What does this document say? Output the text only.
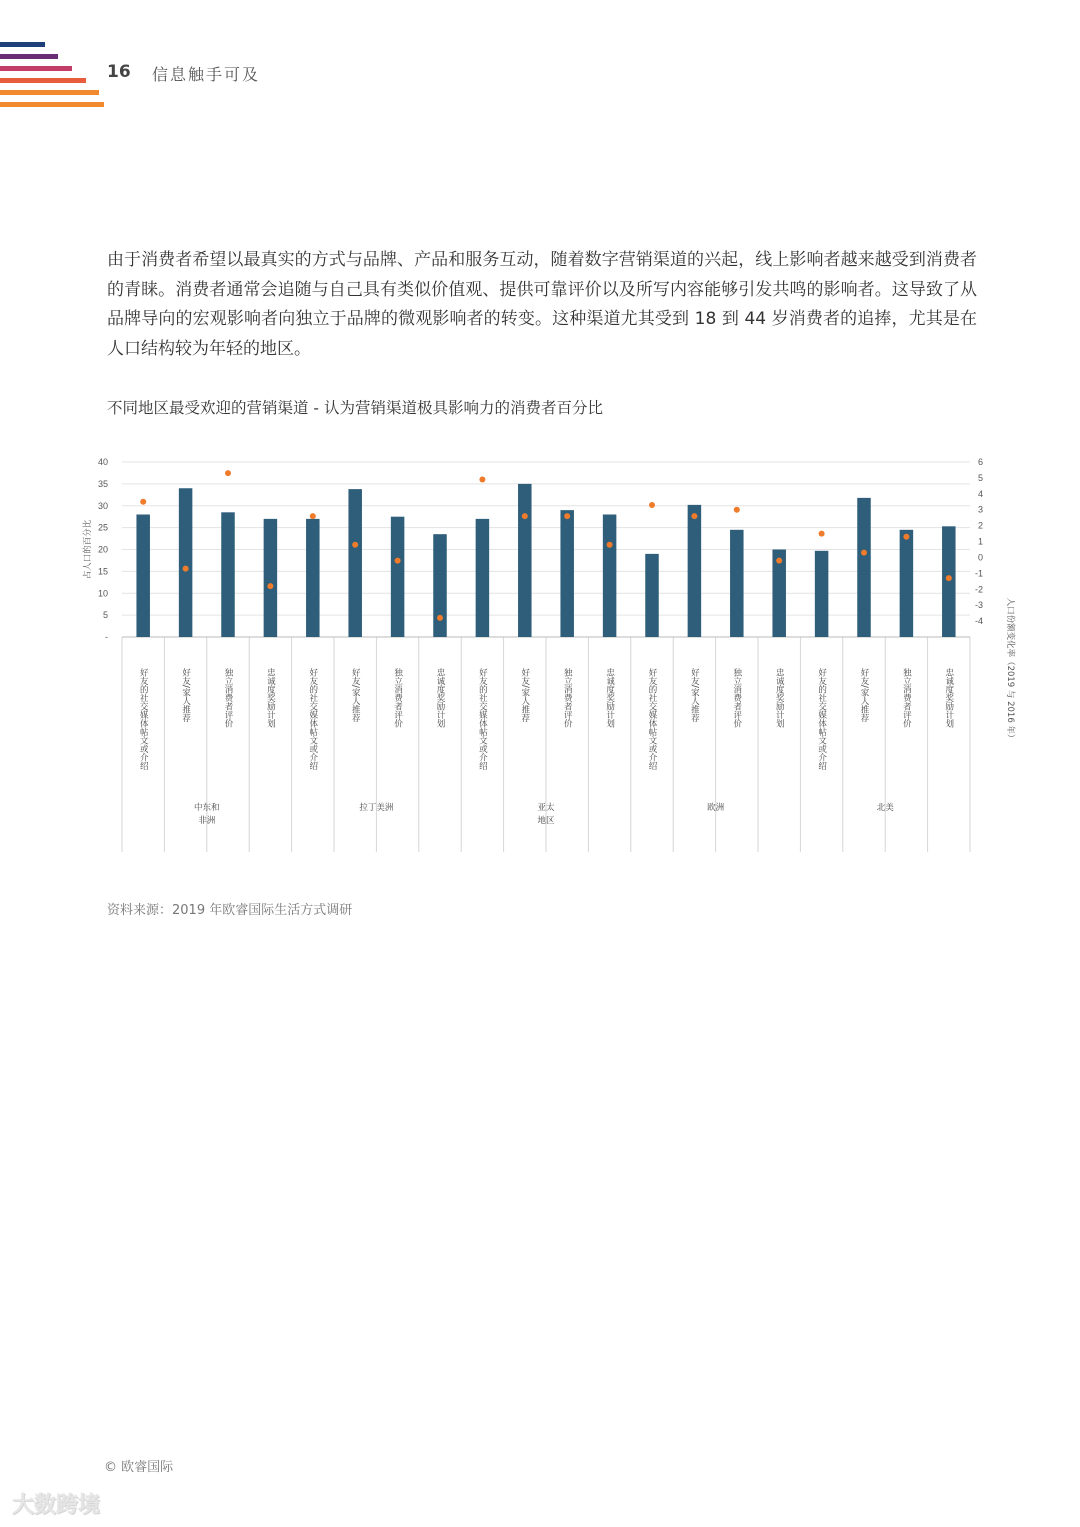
16 信息触手可及

由于消费者希望以最真实的方式与品牌、产品和服务互动，随着数字营销渠道的兴起，线上影响者越来越受到消费者的青睐。消费者通常会追随与自己具有类似价值观、提供可靠评价以及所写内容能够引发共鸣的影响者。这导致了从品牌导向的宏观影响者向独立于品牌的微观影响者的转变。这种渠道尤其受到 18 到 44 岁消费者的追捧，尤其是在人口结构较为年轻的地区。

不同地区最受欢迎的营销渠道 - 认为营销渠道极具影响力的消费者百分比
40
35
30
25
20
15
10
5
-
6
5
4
3
2
1
0
-1
-2
-3
-4
占人口的百分比
人口份额变化率（2019 与 2016 年）
好友的社交媒体帖文或介绍	好友/家人推荐	独立消费者评价	忠诚度奖励计划	好友的社交媒体帖文或介绍	好友/家人推荐	独立消费者评价	忠诚度奖励计划	好友的社交媒体帖文或介绍	好友/家人推荐	独立消费者评价	忠诚度奖励计划	好友的社交媒体帖文或介绍	好友/家人推荐	独立消费者评价	忠诚度奖励计划	好友的社交媒体帖文或介绍	好友/家人推荐	独立消费者评价	忠诚度奖励计划
中东和非洲
拉丁美洲	亚太地区
欧洲	北美
资料来源：2019 年欧睿国际生活方式调研
© 欧睿国际
大数跨境
